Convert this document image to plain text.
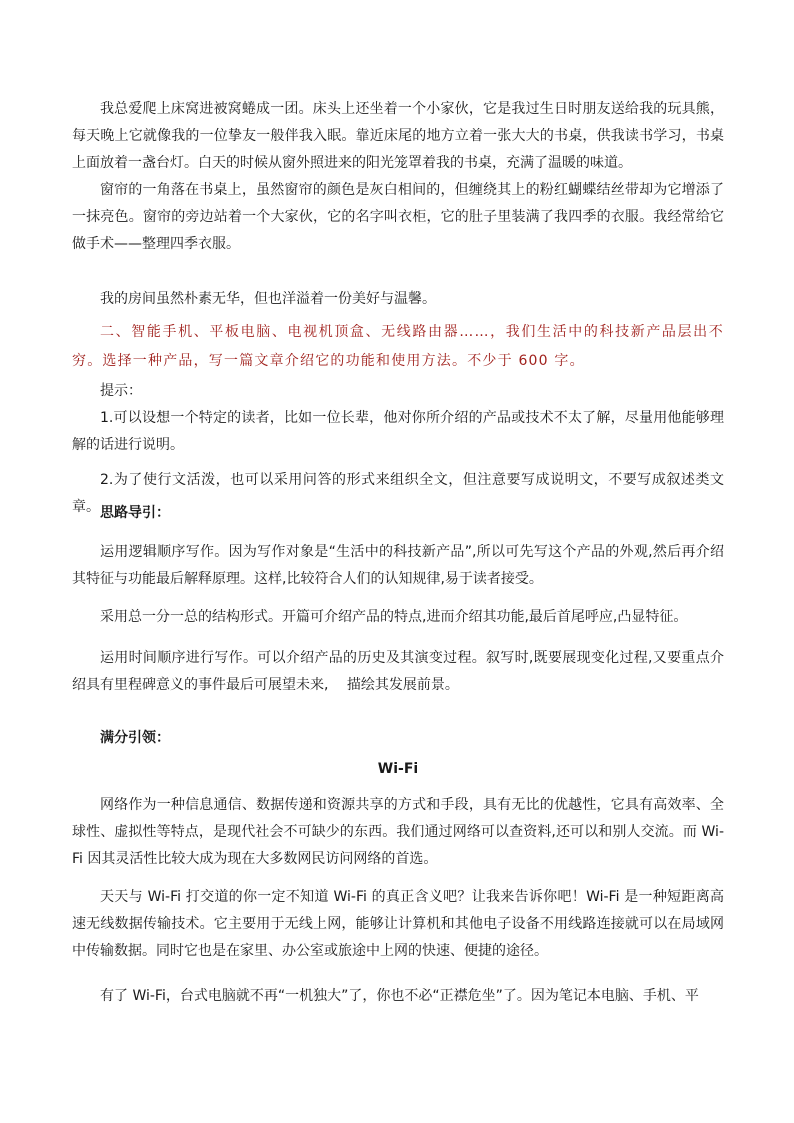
我总爱爬上床窝进被窝蜷成一团。床头上还坐着一个小家伙，它是我过生日时朋友送给我的玩具熊，每天晚上它就像我的一位挚友一般伴我入眠。靠近床尾的地方立着一张大大的书桌，供我读书学习，书桌上面放着一盏台灯。白天的时候从窗外照进来的阳光笼罩着我的书桌，充满了温暖的味道。

窗帘的一角落在书桌上，虽然窗帘的颜色是灰白相间的，但缠绕其上的粉红蝴蝶结丝带却为它增添了一抹亮色。窗帘的旁边站着一个大家伙，它的名字叫衣柜，它的肚子里装满了我四季的衣服。我经常给它做手术——整理四季衣服。

我的房间虽然朴素无华，但也洋溢着一份美好与温馨。

二、智能手机、平板电脑、电视机顶盒、无线路由器……，我们生活中的科技新产品层出不穷。选择一种产品，写一篇文章介绍它的功能和使用方法。不少于 600 字。

提示：

1.可以设想一个特定的读者，比如一位长辈，他对你所介绍的产品或技术不太了解，尽量用他能够理解的话进行说明。

2.为了使行文活泼，也可以采用问答的形式来组织全文，但注意要写成说明文，不要写成叙述类文章。 思路导引：

运用逻辑顺序写作。因为写作对象是“生活中的科技新产品”,所以可先写这个产品的外观,然后再介绍其特征与功能最后解释原理。这样,比较符合人们的认知规律,易于读者接受。

采用总一分一总的结构形式。开篇可介绍产品的特点,进而介绍其功能,最后首尾呼应,凸显特征。

运用时间顺序进行写作。可以介绍产品的历史及其演变过程。叙写时,既要展现变化过程,又要重点介绍具有里程碑意义的事件最后可展望未来,　 描绘其发展前景。

满分引领：

Wi-Fi

网络作为一种信息通信、数据传递和资源共享的方式和手段，具有无比的优越性，它具有高效率、全球性、虚拟性等特点，是现代社会不可缺少的东西。我们通过网络可以查资料,还可以和别人交流。而 Wi-Fi 因其灵活性比较大成为现在大多数网民访问网络的首选。

天天与 Wi-Fi 打交道的你一定不知道 Wi-Fi 的真正含义吧？让我来告诉你吧！Wi-Fi 是一种短距离高速无线数据传输技术。它主要用于无线上网，能够让计算机和其他电子设备不用线路连接就可以在局域网中传输数据。同时它也是在家里、办公室或旅途中上网的快速、便捷的途径。

有了 Wi-Fi，台式电脑就不再“一机独大”了，你也不必“正襟危坐”了。因为笔记本电脑、手机、平
